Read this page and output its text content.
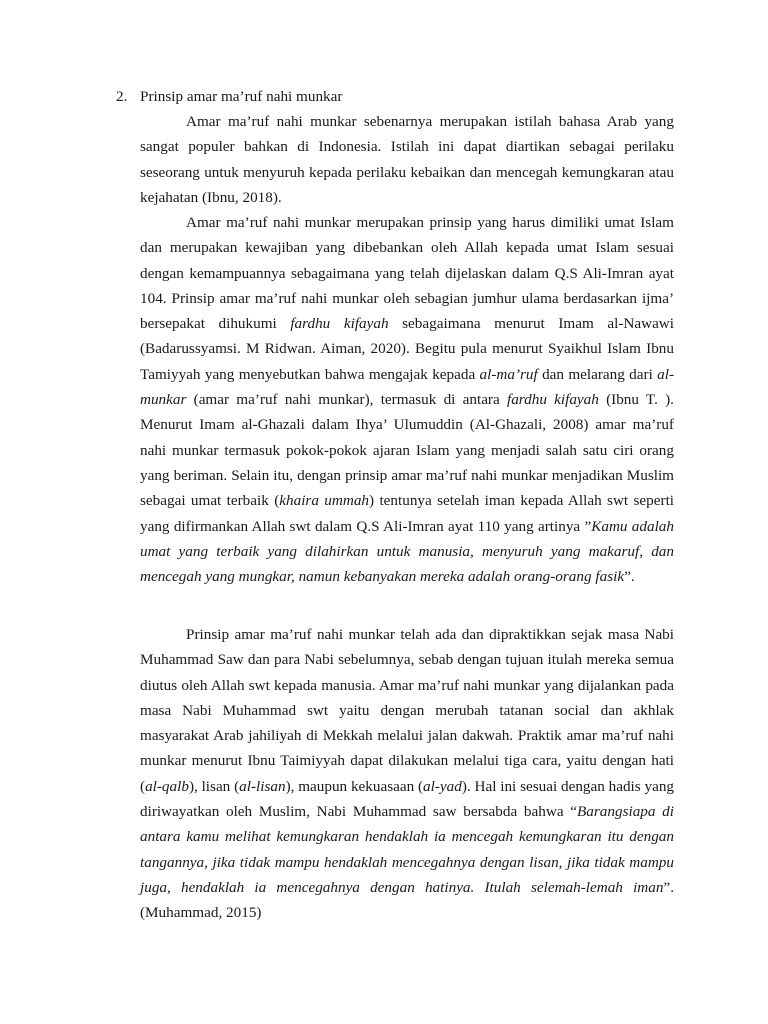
2. Prinsip amar ma’ruf nahi munkar

Amar ma’ruf nahi munkar sebenarnya merupakan istilah bahasa Arab yang sangat populer bahkan di Indonesia. Istilah ini dapat diartikan sebagai perilaku seseorang untuk menyuruh kepada perilaku kebaikan dan mencegah kemungkaran atau kejahatan (Ibnu, 2018).

Amar ma’ruf nahi munkar merupakan prinsip yang harus dimiliki umat Islam dan merupakan kewajiban yang dibebankan oleh Allah kepada umat Islam sesuai dengan kemampuannya sebagaimana yang telah dijelaskan dalam Q.S Ali-Imran ayat 104. Prinsip amar ma’ruf nahi munkar oleh sebagian jumhur ulama berdasarkan ijma’ bersepakat dihukumi fardhu kifayah sebagaimana menurut Imam al-Nawawi (Badarussyamsi. M Ridwan. Aiman, 2020). Begitu pula menurut Syaikhul Islam Ibnu Tamiyyah yang menyebutkan bahwa mengajak kepada al-ma’ruf dan melarang dari al-munkar (amar ma’ruf nahi munkar), termasuk di antara fardhu kifayah (Ibnu T. ). Menurut Imam al-Ghazali dalam Ihya’ Ulumuddin (Al-Ghazali, 2008) amar ma’ruf nahi munkar termasuk pokok-pokok ajaran Islam yang menjadi salah satu ciri orang yang beriman. Selain itu, dengan prinsip amar ma’ruf nahi munkar menjadikan Muslim sebagai umat terbaik (khaira ummah) tentunya setelah iman kepada Allah swt seperti yang difirmankan Allah swt dalam Q.S Ali-Imran ayat 110 yang artinya ”Kamu adalah umat yang terbaik yang dilahirkan untuk manusia, menyuruh yang makaruf, dan mencegah yang mungkar, namun kebanyakan mereka adalah orang-orang fasik”.

Prinsip amar ma’ruf nahi munkar telah ada dan dipraktikkan sejak masa Nabi Muhammad Saw dan para Nabi sebelumnya, sebab dengan tujuan itulah mereka semua diutus oleh Allah swt kepada manusia. Amar ma’ruf nahi munkar yang dijalankan pada masa Nabi Muhammad swt yaitu dengan merubah tatanan social dan akhlak masyarakat Arab jahiliyah di Mekkah melalui jalan dakwah. Praktik amar ma’ruf nahi munkar menurut Ibnu Taimiyyah dapat dilakukan melalui tiga cara, yaitu dengan hati (al-qalb), lisan (al-lisan), maupun kekuasaan (al-yad). Hal ini sesuai dengan hadis yang diriwayatkan oleh Muslim, Nabi Muhammad saw bersabda bahwa “Barangsiapa di antara kamu melihat kemungkaran hendaklah ia mencegah kemungkaran itu dengan tangannya, jika tidak mampu hendaklah mencegahnya dengan lisan, jika tidak mampu juga, hendaklah ia mencegahnya dengan hatinya. Itulah selemah-lemah iman”. (Muhammad, 2015)
